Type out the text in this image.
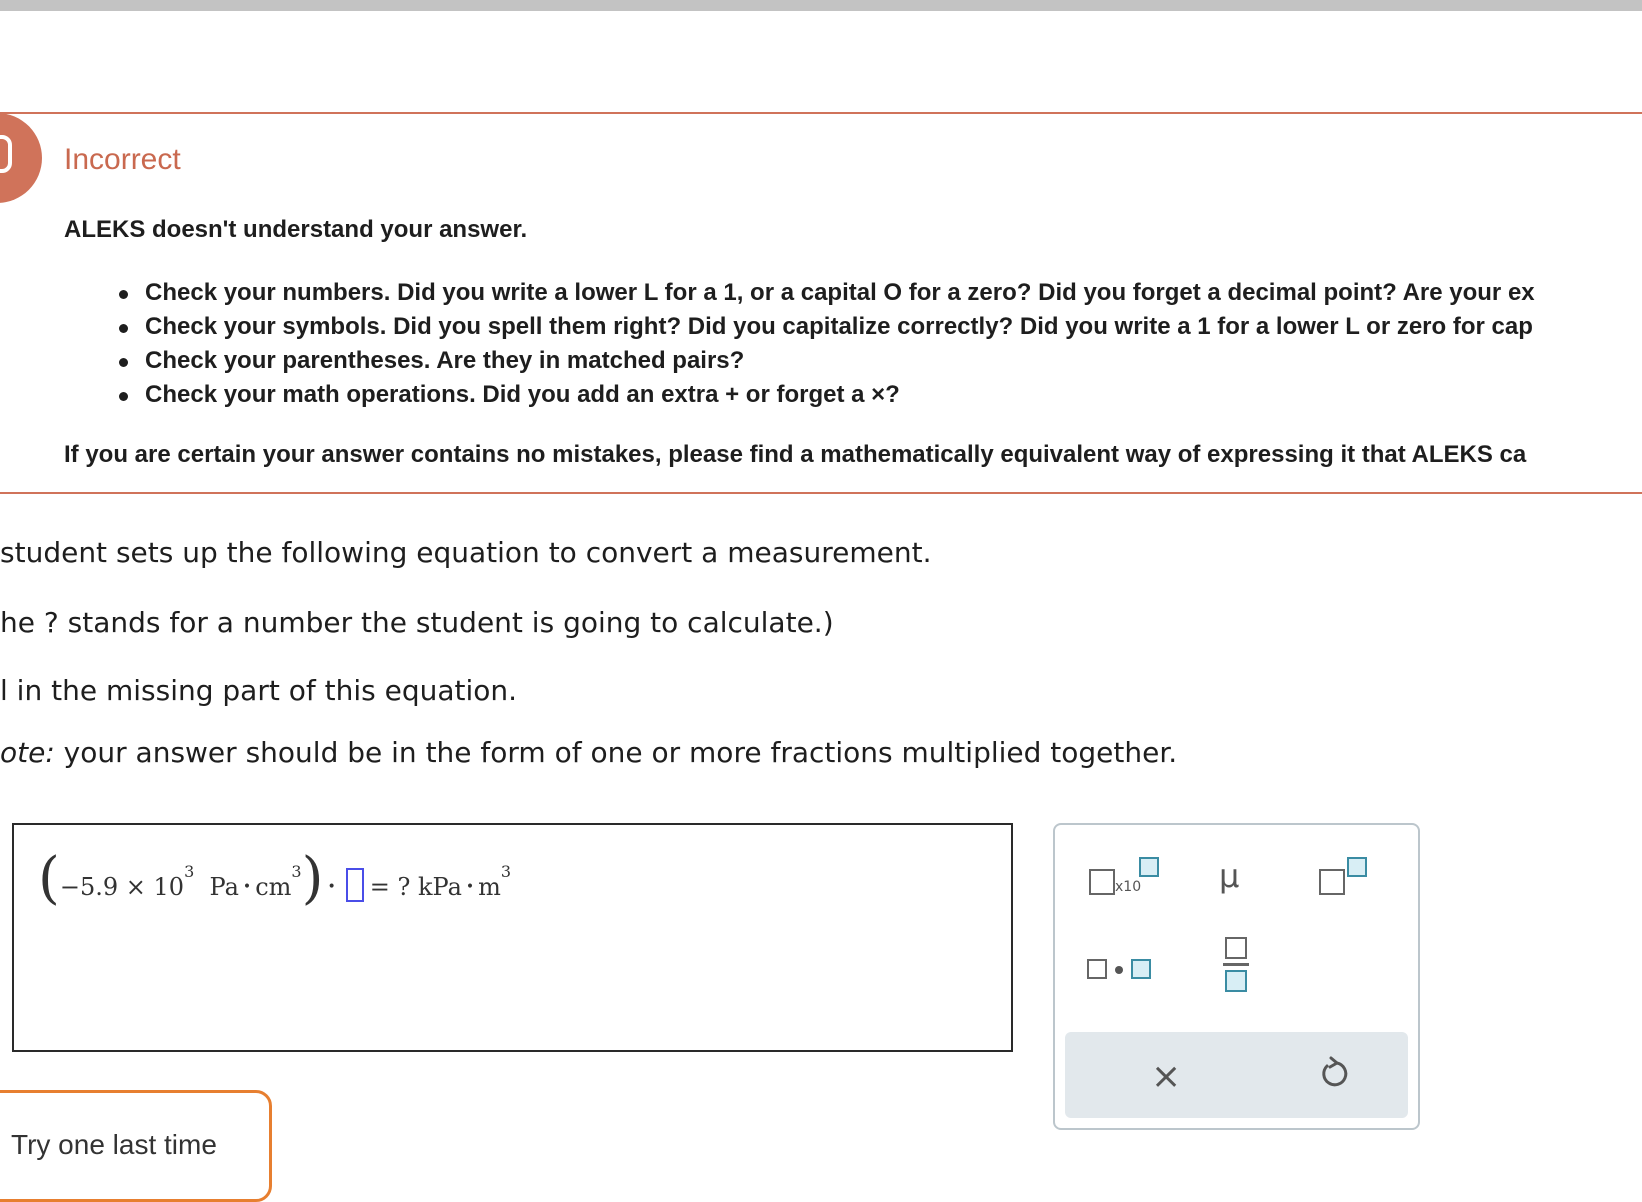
Incorrect
ALEKS doesn't understand your answer.
Check your numbers. Did you write a lower L for a 1, or a capital O for a zero? Did you forget a decimal point? Are your ex
Check your symbols. Did you spell them right? Did you capitalize correctly? Did you write a 1 for a lower L or zero for cap
Check your parentheses. Are they in matched pairs?
Check your math operations. Did you add an extra + or forget a ×?
If you are certain your answer contains no mistakes, please find a mathematically equivalent way of expressing it that ALEKS ca
student sets up the following equation to convert a measurement.
he ? stands for a number the student is going to calculate.)
l in the missing part of this equation.
ote: your answer should be in the form of one or more fractions multiplied together.
($-5.9 \times 10^3$  Pa • $cm^3$) • = ? kPa • $m^3$
x10 μ
×
Try one last time
